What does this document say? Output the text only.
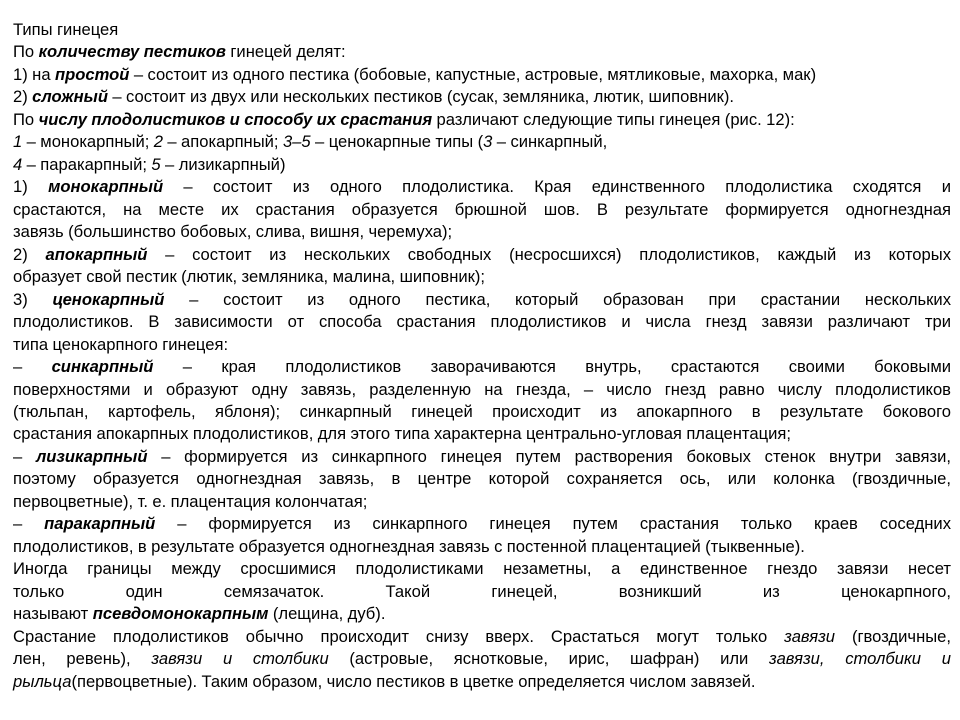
Типы гинецея
По количеству пестиков гинецей делят:
1) на простой – состоит из одного пестика (бобовые, капустные, астровые, мятликовые, махорка, мак)
2) сложный – состоит из двух или нескольких пестиков (сусак, земляника, лютик, шиповник).
По числу плодолистиков и способу их срастания различают следующие типы гинецея (рис. 12):
1 – монокарпный; 2 – апокарпный; 3–5 – ценокарпные типы (3 – синкарпный,
4 – паракарпный; 5 – лизикарпный)
1) монокарпный – состоит из одного плодолистика. Края единственного плодолистика сходятся и
срастаются, на месте их срастания образуется брюшной шов. В результате формируется одногнездная
завязь (большинство бобовых, слива, вишня, черемуха);
2) апокарпный – состоит из нескольких свободных (несросшихся) плодолистиков, каждый из которых
образует свой пестик (лютик, земляника, малина, шиповник);
3) ценокарпный – состоит из одного пестика, который образован при срастании нескольких
плодолистиков. В зависимости от способа срастания плодолистиков и числа гнезд завязи различают три
типа ценокарпного гинецея:
– синкарпный – края плодолистиков заворачиваются внутрь, срастаются своими боковыми
поверхностями и образуют одну завязь, разделенную на гнезда, – число гнезд равно числу плодолистиков
(тюльпан, картофель, яблоня); синкарпный гинецей происходит из апокарпного в результате бокового
срастания апокарпных плодолистиков, для этого типа характерна центрально-угловая плацентация;
– лизикарпный – формируется из синкарпного гинецея путем растворения боковых стенок внутри завязи,
поэтому образуется одногнездная завязь, в центре которой сохраняется ось, или колонка (гвоздичные,
первоцветные), т. е. плацентация колончатая;
– паракарпный – формируется из синкарпного гинецея путем срастания только краев соседних
плодолистиков, в результате образуется одногнездная завязь с постенной плацентацией (тыквенные).
Иногда границы между сросшимися плодолистиками незаметны, а единственное гнездо завязи несет
только один семязачаток. Такой гинецей, возникший из ценокарпного,
называют псевдомонокарпным (лещина, дуб).
Срастание плодолистиков обычно происходит снизу вверх. Срастаться могут только завязи (гвоздичные,
лен, ревень), завязи и столбики (астровые, яснотковые, ирис, шафран) или завязи, столбики и
рыльца(первоцветные). Таким образом, число пестиков в цветке определяется числом завязей.
